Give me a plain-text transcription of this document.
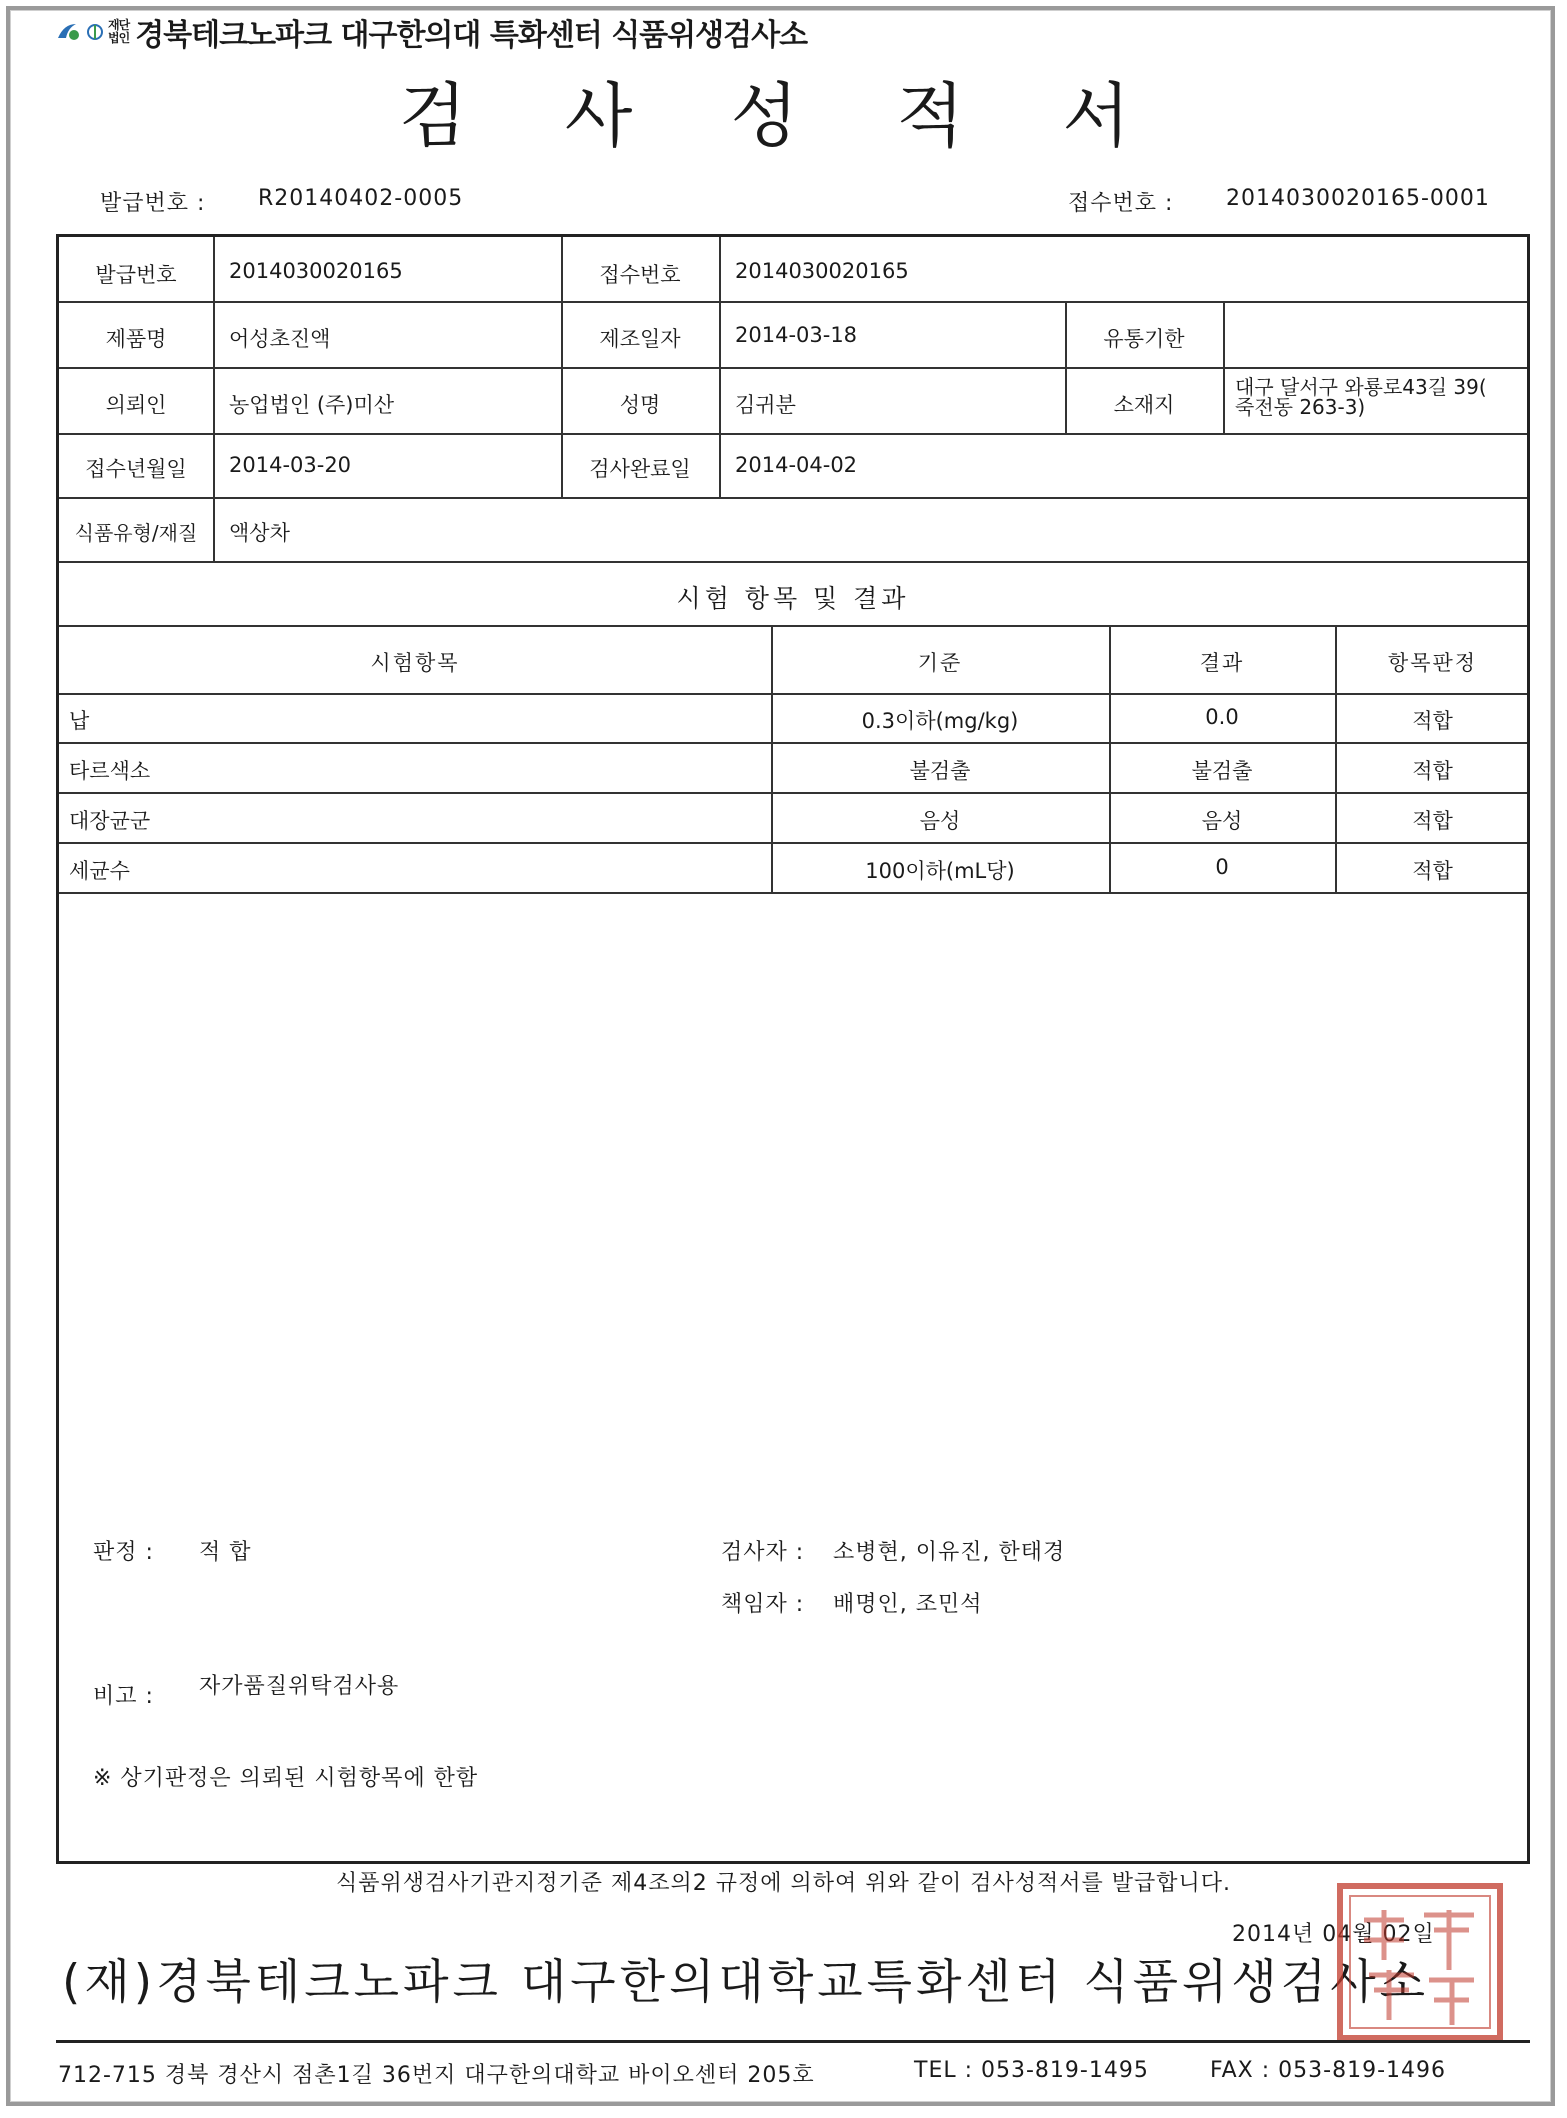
재단
법인 경북테크노파크 대구한의대 특화센터 식품위생검사소
검 사 성 적 서
발급번호 : R20140402-0005	접수번호 : 2014030020165-0001
발급번호	2014030020165	접수번호	2014030020165
제품명	어성초진액	제조일자	2014-03-18	유통기한
의뢰인	농업법인 (주)미산	성명	김귀분	소재지
대구 달서구 와룡로43길 39(
죽전동 263-3)
접수년월일	2014-03-20	검사완료일	2014-04-02
식품유형/재질	액상차
시험 항목 및 결과
시험항목	기준	결과	항목판정
납	0.3이하(mg/kg)	0.0	적합
타르색소	불검출	불검출	적합
대장균군	음성	음성	적합
세균수	100이하(mL당)	0	적합
판정 : 적 합	검사자 : 소병현, 이유진, 한태경
책임자 : 배명인, 조민석
비고 : 자가품질위탁검사용
※ 상기판정은 의뢰된 시험항목에 한함
식품위생검사기관지정기준 제4조의2 규정에 의하여 위와 같이 검사성적서를 발급합니다.
2014년 04월 02일
(재)경북테크노파크 대구한의대학교특화센터 식품위생검사소
712-715 경북 경산시 점촌1길 36번지 대구한의대학교 바이오센터 205호	TEL : 053-819-1495	FAX : 053-819-1496
